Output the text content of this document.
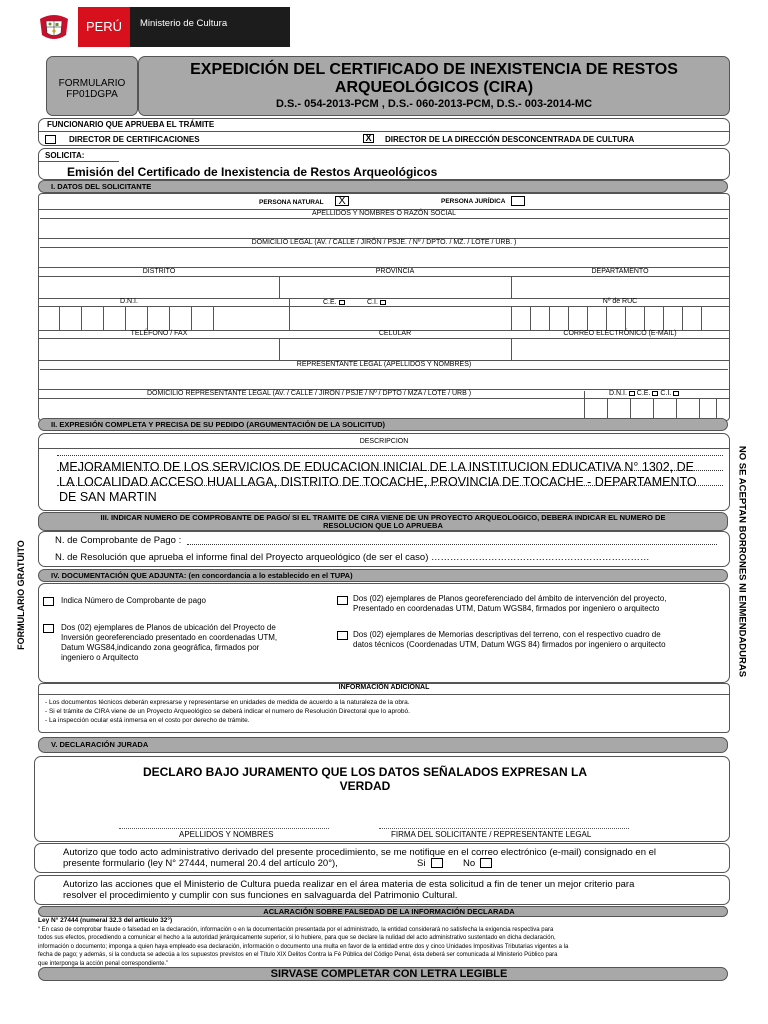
PERÚ	Ministerio de Cultura
FORMULARIO
FP01DGPA
EXPEDICIÓN DEL CERTIFICADO DE INEXISTENCIA DE RESTOS
ARQUEOLÓGICOS (CIRA)
D.S.- 054-2013-PCM , D.S.- 060-2013-PCM, D.S.- 003-2014-MC
FUNCIONARIO QUE APRUEBA EL TRÁMITE
DIRECTOR DE CERTIFICACIONES	X	DIRECTOR DE LA DIRECCIÓN DESCONCENTRADA DE CULTURA
SOLICITA:
Emisión del Certificado de Inexistencia de Restos Arqueológicos
I. DATOS DEL SOLICITANTE
PERSONA NATURAL	X	PERSONA JURÍDICA
APELLIDOS Y NOMBRES O RAZÓN SOCIAL
DOMICILIO LEGAL (AV. / CALLE / JIRÓN / PSJE. / Nº / DPTO. / MZ. / LOTE / URB. )
DISTRITO	PROVINCIA	DEPARTAMENTO
D.N.I.	C.E.	C.I.	Nº de RUC
TELÉFONO / FAX	CELULAR	CORREO ELECTRÓNICO (E-MAIL)
REPRESENTANTE LEGAL (APELLIDOS Y NOMBRES)
DOMICILIO REPRESENTANTE LEGAL (AV. / CALLE / JIRON / PSJE / Nº / DPTO / MZA / LOTE / URB )	D.N.I. C.E. C.I.
II. EXPRESIÓN COMPLETA Y PRECISA DE SU PEDIDO (ARGUMENTACIÓN DE LA SOLICITUD)
DESCRIPCION
MEJORAMIENTO DE LOS SERVICIOS DE EDUCACION INICIAL DE LA INSTITUCION EDUCATIVA N° 1302, DE
LA LOCALIDAD ACCESO HUALLAGA, DISTRITO DE TOCACHE, PROVINCIA DE TOCACHE - DEPARTAMENTO
DE SAN MARTIN
III. INDICAR NUMERO DE COMPROBANTE DE PAGO/ SI EL TRAMITE DE CIRA VIENE DE UN PROYECTO ARQUEOLOGICO, DEBERA INDICAR EL NUMERO DE
RESOLUCION QUE LO APRUEBA
N. de Comprobante de Pago :
N. de Resolución que aprueba el informe final del Proyecto arqueológico (de ser el caso) ……………………………………………………………
IV. DOCUMENTACIÓN QUE ADJUNTA: (en concordancia a lo establecido en el TUPA)
Indica Número de Comprobante de pago
Dos (02) ejemplares de Planos de ubicación del Proyecto de
Inversión georeferenciado presentado en coordenadas UTM,
Datum WGS84,indicando zona geográfica, firmados por
ingeniero o Arquitecto
Dos (02) ejemplares de Planos georeferenciado del ámbito de intervención del proyecto,
Presentado en coordenadas UTM, Datum WGS84, firmados por ingeniero o arquitecto
Dos (02) ejemplares de Memorias descriptivas del terreno, con el respectivo cuadro de
datos técnicos (Coordenadas UTM, Datum WGS 84) firmados por ingeniero o arquitecto
INFORMACIÓN ADICIONAL
- Los documentos técnicos deberán expresarse y representarse en unidades de medida de acuerdo a la naturaleza de la obra.
- Si el trámite de CIRA viene de un Proyecto Arqueológico se deberá indicar el numero de Resolución Directoral que lo aprobó.
- La inspección ocular está inmersa en el costo por derecho de trámite.
V. DECLARACIÓN JURADA
DECLARO BAJO JURAMENTO QUE LOS DATOS SEÑALADOS EXPRESAN LA
VERDAD
APELLIDOS Y NOMBRES	FIRMA DEL SOLICITANTE / REPRESENTANTE LEGAL
Autorizo que todo acto administrativo derivado del presente procedimiento, se me notifique en el correo electrónico (e-mail) consignado en el
presente formulario (ley N° 27444, numeral 20.4 del artículo 20°),	Si	No
Autorizo las acciones que el Ministerio de Cultura pueda realizar en el área materia de esta solicitud a fin de tener un mejor criterio para
resolver el procedimiento y cumplir con sus funciones en salvaguarda del Patrimonio Cultural.
ACLARACIÓN SOBRE FALSEDAD DE LA INFORMACIÓN DECLARADA
Ley N° 27444 (numeral 32.3 del artículo 32°)
“ En caso de comprobar fraude o falsedad en la declaración, información o en la documentación presentada por el administrado, la entidad considerará no satisfecha la exigencia respectiva para
todos sus efectos, procediendo a comunicar el hecho a la autoridad jerárquicamente superior, si lo hubiere, para que se declare la nulidad del acto administrativo sustentado en dicha declaración,
información o documento; imponga a quien haya empleado esa declaración, información o documento una multa en favor de la entidad entre dos y cinco Unidades Impositivas Tributarias vigentes a la
fecha de pago; y además, si la conducta se adecúa a los supuestos previstos en el Título XIX Delitos Contra la Fé Pública del Código Penal, ésta deberá ser comunicada al Ministerio Público para
que interponga la acción penal correspondiente.”
SIRVASE COMPLETAR CON LETRA LEGIBLE
FORMULARIO GRATUITO	NO SE ACEPTAN BORRONES NI ENMENDADURAS
